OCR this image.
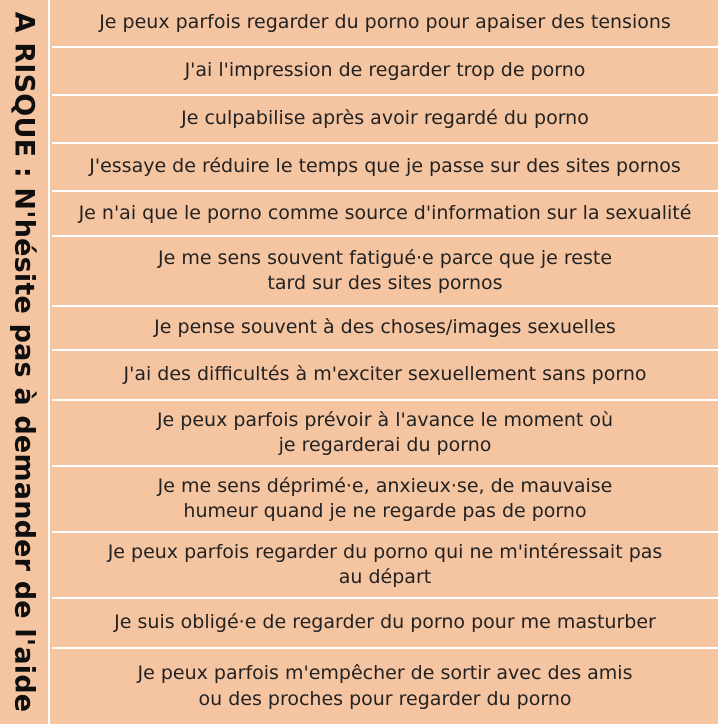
A RISQUE : N'hésite pas à demander de l'aide	Je peux parfois regarder du porno pour apaiser des tensions
J'ai l'impression de regarder trop de porno
Je culpabilise après avoir regardé du porno
J'essaye de réduire le temps que je passe sur des sites pornos
Je n'ai que le porno comme source d'information sur la sexualité
Je me sens souvent fatigué·e parce que je reste tard sur des sites pornos
Je pense souvent à des choses/images sexuelles
J'ai des difficultés à m'exciter sexuellement sans porno
Je peux parfois prévoir à l'avance le moment où je regarderai du porno
Je me sens déprimé·e, anxieux·se, de mauvaise humeur quand je ne regarde pas de porno
Je peux parfois regarder du porno qui ne m'intéressait pas au départ
Je suis obligé·e de regarder du porno pour me masturber
Je peux parfois m'empêcher de sortir avec des amis ou des proches pour regarder du porno
